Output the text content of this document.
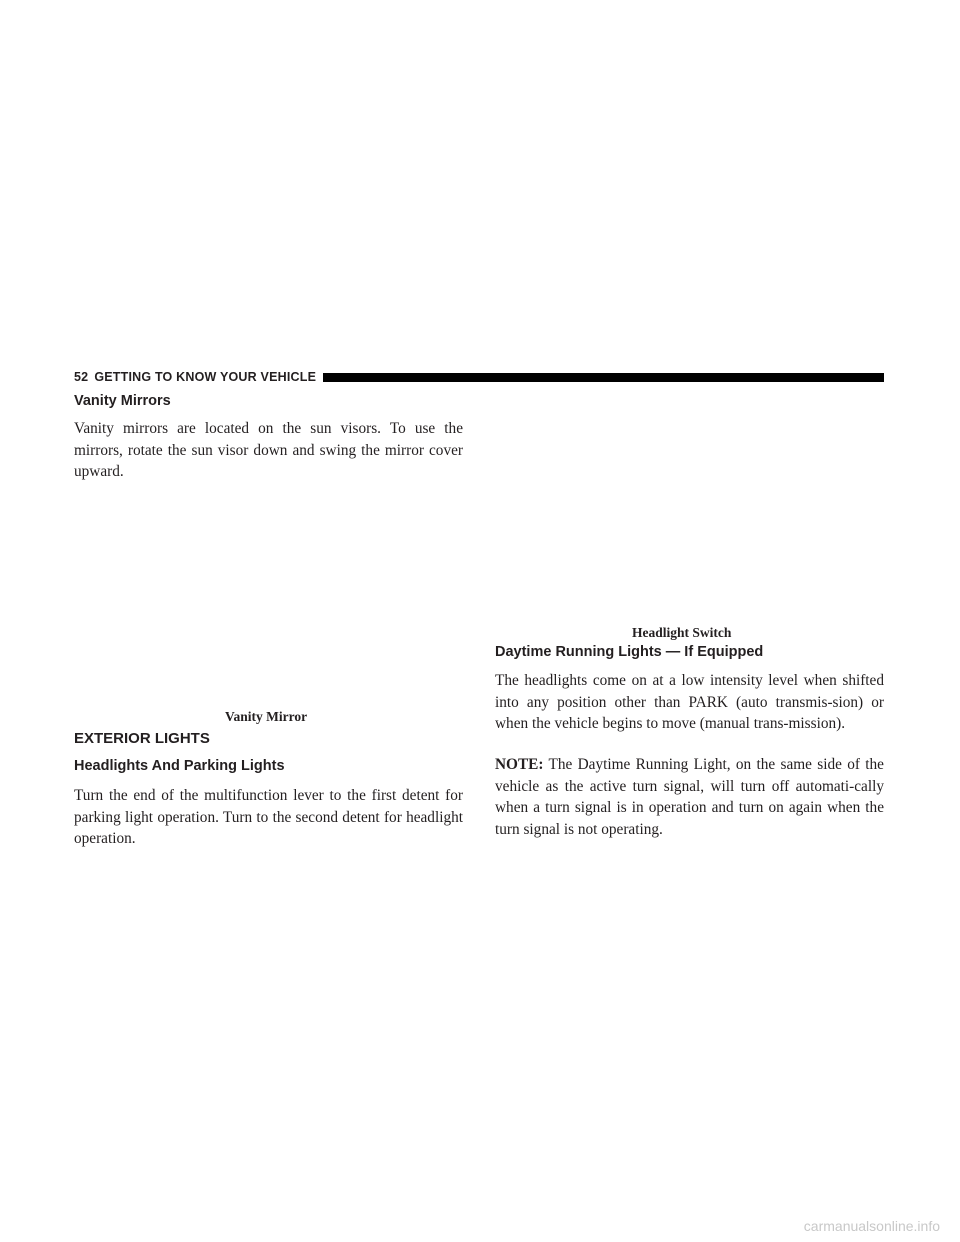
52 GETTING TO KNOW YOUR VEHICLE
Vanity Mirrors

Vanity mirrors are located on the sun visors. To use the mirrors, rotate the sun visor down and swing the mirror cover upward.

Vanity Mirror
EXTERIOR LIGHTS
Headlights And Parking Lights

Turn the end of the multifunction lever to the first detent for parking light operation. Turn to the second detent for headlight operation.

Headlight Switch
Daytime Running Lights — If Equipped

The headlights come on at a low intensity level when shifted into any position other than PARK (auto transmis-sion) or when the vehicle begins to move (manual trans-mission).

NOTE: The Daytime Running Light, on the same side of the vehicle as the active turn signal, will turn off automati-cally when a turn signal is in operation and turn on again when the turn signal is not operating.

carmanualsonline.info
